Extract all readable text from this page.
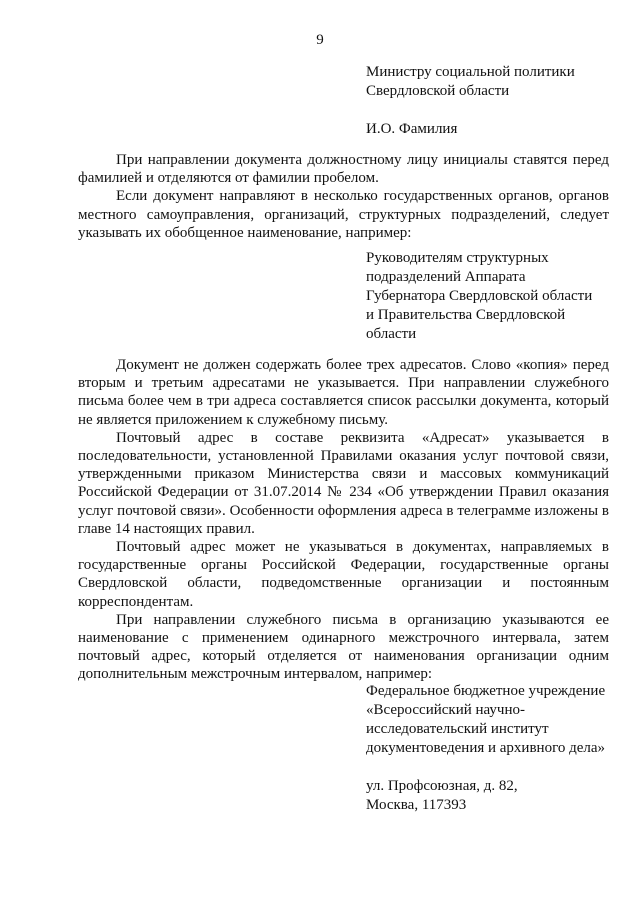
9
Министру социальной политики
Свердловской области
И.О. Фамилия

При направлении документа должностному лицу инициалы ставятся перед фамилией и отделяются от фамилии пробелом.

Если документ направляют в несколько государственных органов, органов местного самоуправления, организаций, структурных подразделений, следует указывать их обобщенное наименование, например:

Руководителям структурных
подразделений Аппарата
Губернатора Свердловской области
и Правительства Свердловской
области

Документ не должен содержать более трех адресатов. Слово «копия» перед вторым и третьим адресатами не указывается. При направлении служебного письма более чем в три адреса составляется список рассылки документа, который не является приложением к служебному письму.

Почтовый адрес в составе реквизита «Адресат» указывается в последовательности, установленной Правилами оказания услуг почтовой связи, утвержденными приказом Министерства связи и массовых коммуникаций Российской Федерации от 31.07.2014 № 234 «Об утверждении Правил оказания услуг почтовой связи». Особенности оформления адреса в телеграмме изложены в главе 14 настоящих правил.

Почтовый адрес может не указываться в документах, направляемых в государственные органы Российской Федерации, государственные органы Свердловской области, подведомственные организации и постоянным корреспондентам.

При направлении служебного письма в организацию указываются ее наименование с применением одинарного межстрочного интервала, затем почтовый адрес, который отделяется от наименования организации одним дополнительным межстрочным интервалом, например:

Федеральное бюджетное учреждение
«Всероссийский научно-
исследовательский институт
документоведения и архивного дела»
ул. Профсоюзная, д. 82,
Москва, 117393
